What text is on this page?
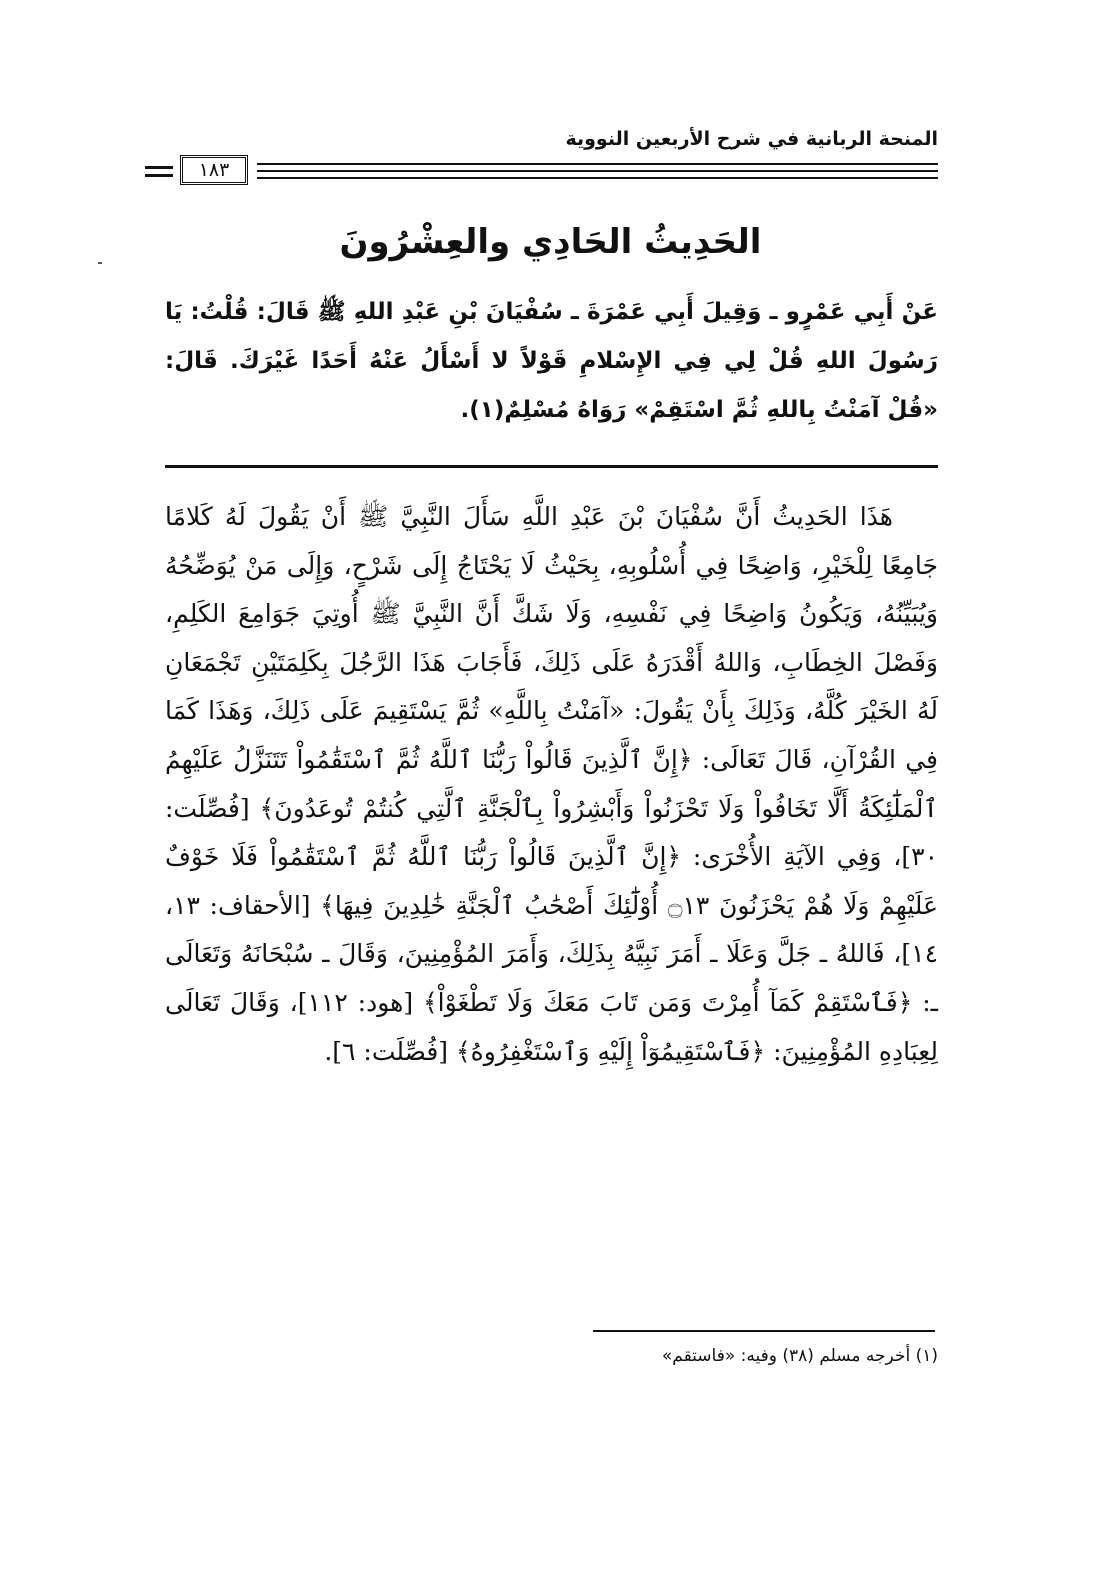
المنحة الربانية في شرح الأربعين النووية
١٨٣
الحَدِيثُ الحَادِي والعِشْرُونَ

عَنْ أَبِي عَمْرٍو ـ وَقِيلَ أَبِي عَمْرَةَ ـ سُفْيَانَ بْنِ عَبْدِ اللهِ ﷺ قَالَ: قُلْتُ: يَا رَسُولَ اللهِ قُلْ لِي فِي الإِسْلامِ قَوْلاً لا أَسْأَلُ عَنْهُ أَحَدًا غَيْرَكَ. قَالَ: «قُلْ آمَنْتُ بِاللهِ ثُمَّ اسْتَقِمْ» رَوَاهُ مُسْلِمٌ(١).

هَذَا الحَدِيثُ أَنَّ سُفْيَانَ بْنَ عَبْدِ اللَّهِ سَأَلَ النَّبِيَّ ﷺ أَنْ يَقُولَ لَهُ كَلامًا جَامِعًا لِلْخَيْرِ، وَاضِحًا فِي أُسْلُوبِهِ، بِحَيْثُ لَا يَحْتَاجُ إِلَى شَرْحٍ، وَإِلَى مَنْ يُوَضِّحُهُ وَيُبَيِّنُهُ، وَيَكُونُ وَاضِحًا فِي نَفْسِهِ، وَلَا شَكَّ أَنَّ النَّبِيَّ ﷺ أُوتِيَ جَوَامِعَ الكَلِمِ، وَفَصْلَ الخِطَابِ، وَاللهُ أَقْدَرَهُ عَلَى ذَلِكَ، فَأَجَابَ هَذَا الرَّجُلَ بِكَلِمَتَيْنِ تَجْمَعَانِ لَهُ الخَيْرَ كُلَّهُ، وَذَلِكَ بِأَنْ يَقُولَ: «آمَنْتُ بِاللَّهِ» ثُمَّ يَسْتَقِيمَ عَلَى ذَلِكَ، وَهَذَا كَمَا فِي القُرْآنِ، قَالَ تَعَالَى: ﴿إِنَّ ٱلَّذِينَ قَالُواْ رَبُّنَا ٱللَّهُ ثُمَّ ٱسْتَقَٰمُواْ تَتَنَزَّلُ عَلَيْهِمُ ٱلْمَلَٰٓئِكَةُ أَلَّا تَخَافُواْ وَلَا تَحْزَنُواْ وَأَبْشِرُواْ بِٱلْجَنَّةِ ٱلَّتِي كُنتُمْ تُوعَدُونَ﴾ [فُصِّلَت: ٣٠]، وَفِي الآيَةِ الأُخْرَى: ﴿إِنَّ ٱلَّذِينَ قَالُواْ رَبُّنَا ٱللَّهُ ثُمَّ ٱسْتَقَٰمُواْ فَلَا خَوْفٌ عَلَيْهِمْ وَلَا هُمْ يَحْزَنُونَ ۝١٣ أُوْلَٰٓئِكَ أَصْحَٰبُ ٱلْجَنَّةِ خَٰلِدِينَ فِيهَا﴾ [الأحقاف: ١٣، ١٤]، فَاللهُ ـ جَلَّ وَعَلَا ـ أَمَرَ نَبِيَّهُ بِذَلِكَ، وَأَمَرَ المُؤْمِنِينَ، وَقَالَ ـ سُبْحَانَهُ وَتَعَالَى ـ: ﴿فَٱسْتَقِمْ كَمَآ أُمِرْتَ وَمَن تَابَ مَعَكَ وَلَا تَطْغَوْاْ﴾ [هود: ١١٢]، وَقَالَ تَعَالَى لِعِبَادِهِ المُؤْمِنِينَ: ﴿فَٱسْتَقِيمُوٓاْ إِلَيْهِ وَٱسْتَغْفِرُوهُ﴾ [فُصِّلَت: ٦].

(١) أخرجه مسلم (٣٨) وفيه: «فاستقم»
